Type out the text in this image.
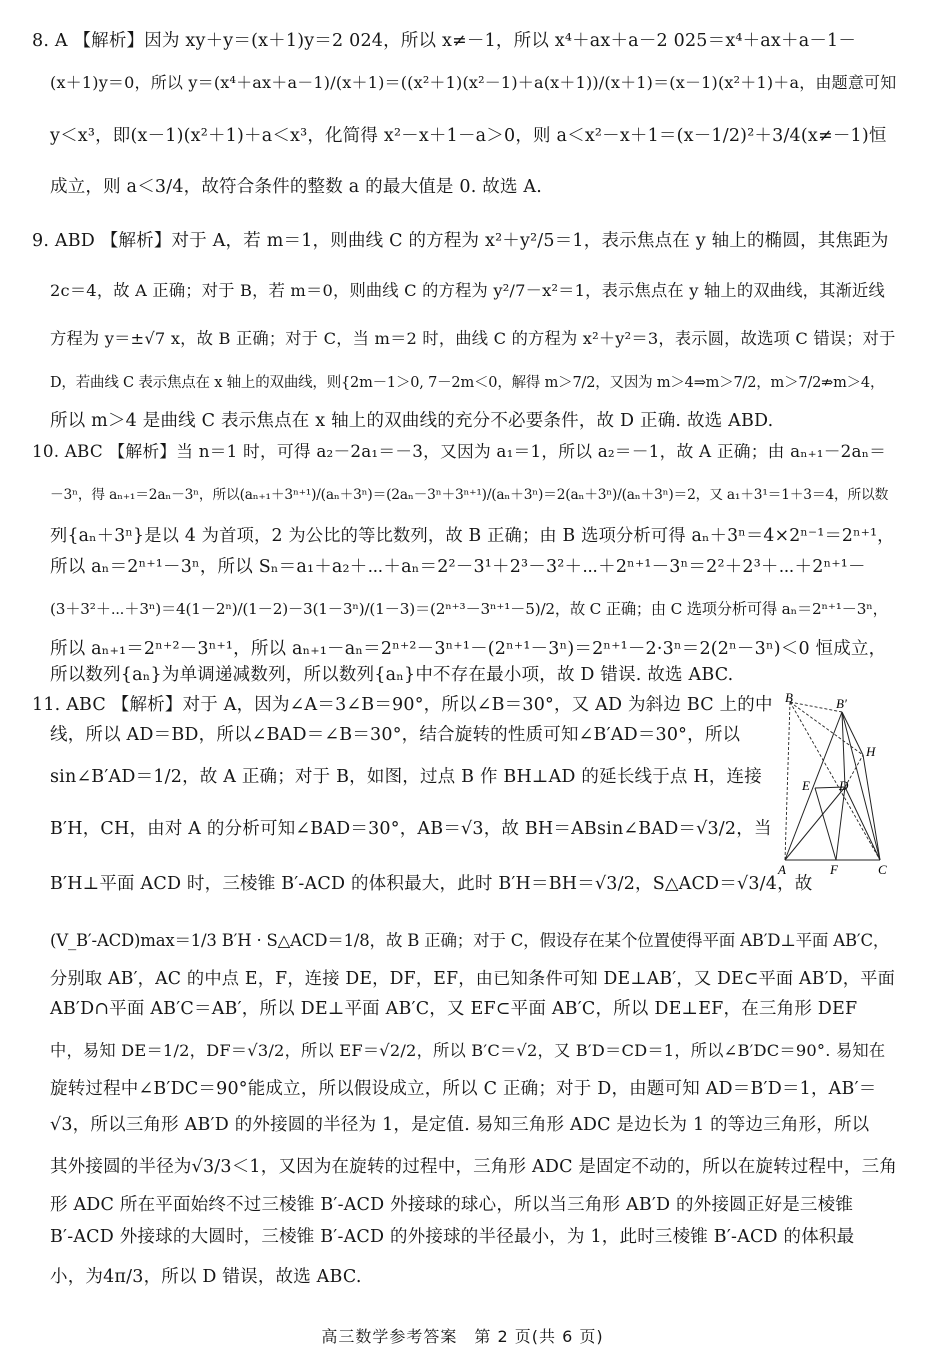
8. A 【解析】因为 xy＋y＝(x＋1)y＝2 024，所以 x≠－1，所以 x⁴＋ax＋a－2 025＝x⁴＋ax＋a－1－
(x＋1)y＝0，所以 y＝(x⁴＋ax＋a－1)/(x＋1)＝((x²＋1)(x²－1)＋a(x＋1))/(x＋1)＝(x－1)(x²＋1)＋a，由题意可知
y＜x³，即(x－1)(x²＋1)＋a＜x³，化简得 x²－x＋1－a＞0，则 a＜x²－x＋1＝(x－1/2)²＋3/4(x≠－1)恒
成立，则 a＜3/4，故符合条件的整数 a 的最大值是 0. 故选 A.
9. ABD 【解析】对于 A，若 m＝1，则曲线 C 的方程为 x²＋y²/5＝1，表示焦点在 y 轴上的椭圆，其焦距为
2c＝4，故 A 正确；对于 B，若 m＝0，则曲线 C 的方程为 y²/7－x²＝1，表示焦点在 y 轴上的双曲线，其渐近线
方程为 y＝±√7 x，故 B 正确；对于 C，当 m＝2 时，曲线 C 的方程为 x²＋y²＝3，表示圆，故选项 C 错误；对于
D，若曲线 C 表示焦点在 x 轴上的双曲线，则{2m－1＞0, 7－2m＜0，解得 m＞7/2，又因为 m＞4⇒m＞7/2，m＞7/2⇏m＞4，
所以 m＞4 是曲线 C 表示焦点在 x 轴上的双曲线的充分不必要条件，故 D 正确. 故选 ABD.
10. ABC 【解析】当 n＝1 时，可得 a₂－2a₁＝－3，又因为 a₁＝1，所以 a₂＝－1，故 A 正确；由 aₙ₊₁－2aₙ＝
－3ⁿ，得 aₙ₊₁＝2aₙ－3ⁿ，所以(aₙ₊₁＋3ⁿ⁺¹)/(aₙ＋3ⁿ)＝(2aₙ－3ⁿ＋3ⁿ⁺¹)/(aₙ＋3ⁿ)＝2(aₙ＋3ⁿ)/(aₙ＋3ⁿ)＝2，又 a₁＋3¹＝1＋3＝4，所以数
列{aₙ＋3ⁿ}是以 4 为首项，2 为公比的等比数列，故 B 正确；由 B 选项分析可得 aₙ＋3ⁿ＝4×2ⁿ⁻¹＝2ⁿ⁺¹，
所以 aₙ＝2ⁿ⁺¹－3ⁿ，所以 Sₙ＝a₁＋a₂＋⋯＋aₙ＝2²－3¹＋2³－3²＋⋯＋2ⁿ⁺¹－3ⁿ＝2²＋2³＋⋯＋2ⁿ⁺¹－
(3＋3²＋⋯＋3ⁿ)＝4(1－2ⁿ)/(1－2)－3(1－3ⁿ)/(1－3)＝(2ⁿ⁺³－3ⁿ⁺¹－5)/2，故 C 正确；由 C 选项分析可得 aₙ＝2ⁿ⁺¹－3ⁿ，
所以 aₙ₊₁＝2ⁿ⁺²－3ⁿ⁺¹，所以 aₙ₊₁－aₙ＝2ⁿ⁺²－3ⁿ⁺¹－(2ⁿ⁺¹－3ⁿ)＝2ⁿ⁺¹－2·3ⁿ＝2(2ⁿ－3ⁿ)＜0 恒成立，
所以数列{aₙ}为单调递减数列，所以数列{aₙ}中不存在最小项，故 D 错误. 故选 ABC.
11. ABC 【解析】对于 A，因为∠A＝3∠B＝90°，所以∠B＝30°，又 AD 为斜边 BC 上的中
线，所以 AD＝BD，所以∠BAD＝∠B＝30°，结合旋转的性质可知∠B′AD＝30°，所以
sin∠B′AD＝1/2，故 A 正确；对于 B，如图，过点 B 作 BH⊥AD 的延长线于点 H，连接
B′H，CH，由对 A 的分析可知∠BAD＝30°，AB＝√3，故 BH＝ABsin∠BAD＝√3/2，当
B′H⊥平面 ACD 时，三棱锥 B′-ACD 的体积最大，此时 B′H＝BH＝√3/2，S△ACD＝√3/4，故
(V_B′-ACD)max＝1/3 B′H · S△ACD＝1/8，故 B 正确；对于 C，假设存在某个位置使得平面 AB′D⊥平面 AB′C，
分别取 AB′，AC 的中点 E，F，连接 DE，DF，EF，由已知条件可知 DE⊥AB′，又 DE⊂平面 AB′D，平面
AB′D∩平面 AB′C＝AB′，所以 DE⊥平面 AB′C，又 EF⊂平面 AB′C，所以 DE⊥EF，在三角形 DEF
中，易知 DE＝1/2，DF＝√3/2，所以 EF＝√2/2，所以 B′C＝√2，又 B′D＝CD＝1，所以∠B′DC＝90°. 易知在
旋转过程中∠B′DC＝90°能成立，所以假设成立，所以 C 正确；对于 D，由题可知 AD＝B′D＝1，AB′＝
√3，所以三角形 AB′D 的外接圆的半径为 1，是定值. 易知三角形 ADC 是边长为 1 的等边三角形，所以
其外接圆的半径为√3/3＜1，又因为在旋转的过程中，三角形 ADC 是固定不动的，所以在旋转过程中，三角
形 ADC 所在平面始终不过三棱锥 B′-ACD 外接球的球心，所以当三角形 AB′D 的外接圆正好是三棱锥
B′-ACD 外接球的大圆时，三棱锥 B′-ACD 的外接球的半径最小，为 1，此时三棱锥 B′-ACD 的体积最
小，为4π/3，所以 D 错误，故选 ABC.
B	B′
H
E D
A	F	C
高三数学参考答案　第 2 页(共 6 页)
